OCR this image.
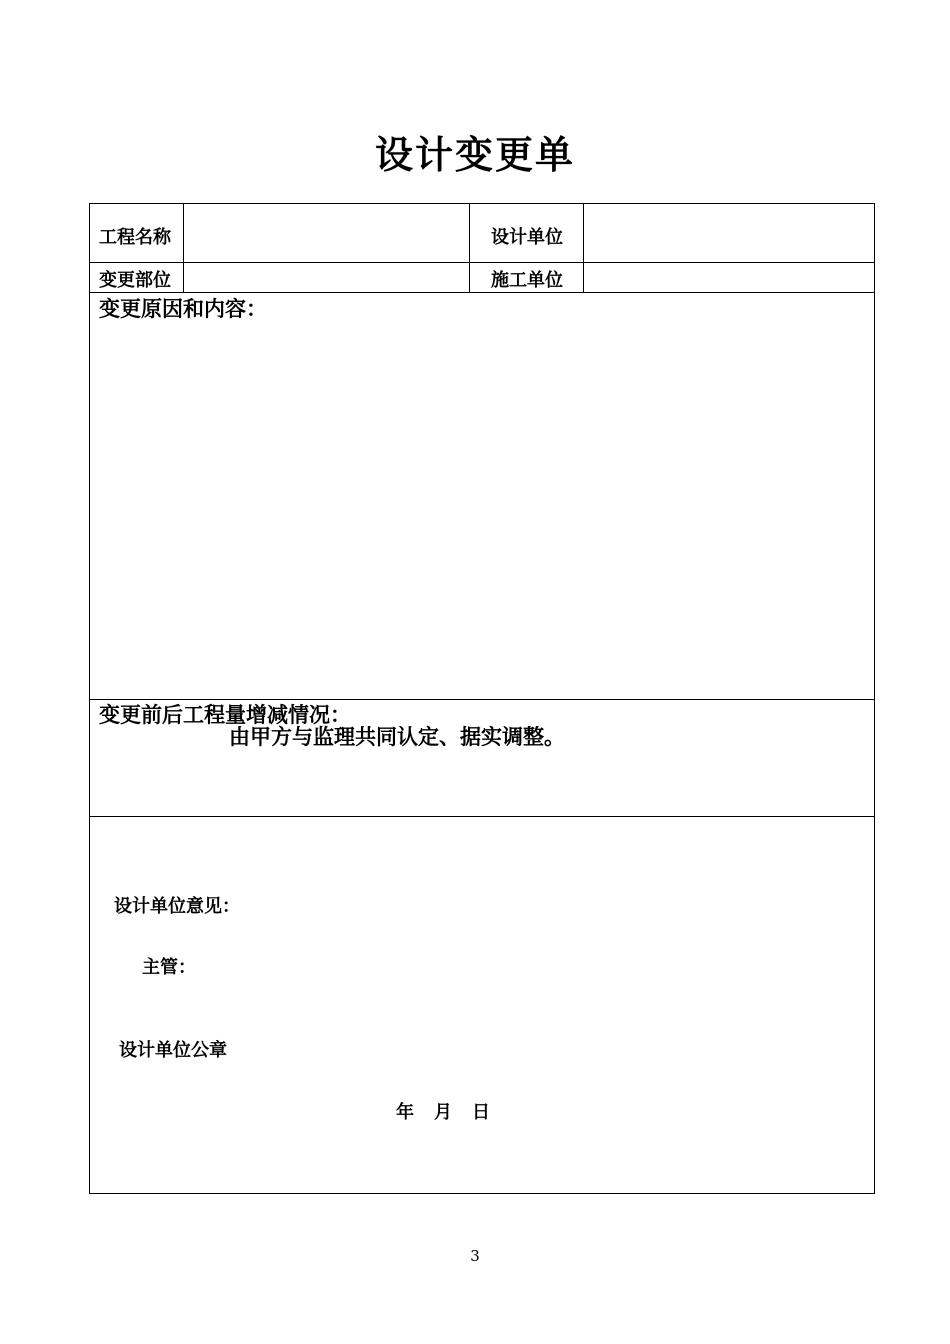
设计变更单
工程名称	设计单位
变更部位	施工单位
变更原因和内容：
变更前后工程量增减情况：
由甲方与监理共同认定、据实调整。
设计单位意见：
主管：
设计单位公章
年 月 日
3
